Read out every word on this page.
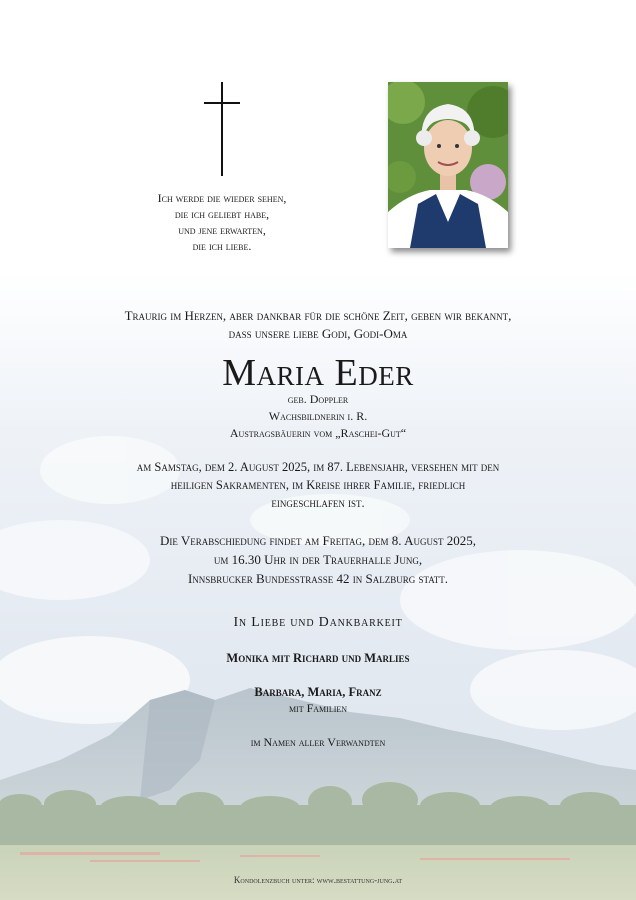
Ich werde die wieder sehen,
die ich geliebt habe,
und jene erwarten,
die ich liebe.
Traurig im Herzen, aber dankbar für die schöne Zeit, geben wir bekannt,
dass unsere liebe Godi, Godi-Oma
Maria Eder
geb. Doppler
Wachsbildnerin i. R.
Austragsbäuerin vom „Raschei-Gut“
am Samstag, dem 2. August 2025, im 87. Lebensjahr, versehen mit den
heiligen Sakramenten, im Kreise ihrer Familie, friedlich
eingeschlafen ist.
Die Verabschiedung findet am Freitag, dem 8. August 2025,
um 16.30 Uhr in der Trauerhalle Jung,
Innsbrucker Bundesstrasse 42 in Salzburg statt.
In Liebe und Dankbarkeit
Monika mit Richard und Marlies
Barbara, Maria, Franz
mit Familien
im Namen aller Verwandten
Kondolenzbuch unter: www.bestattung-jung.at
